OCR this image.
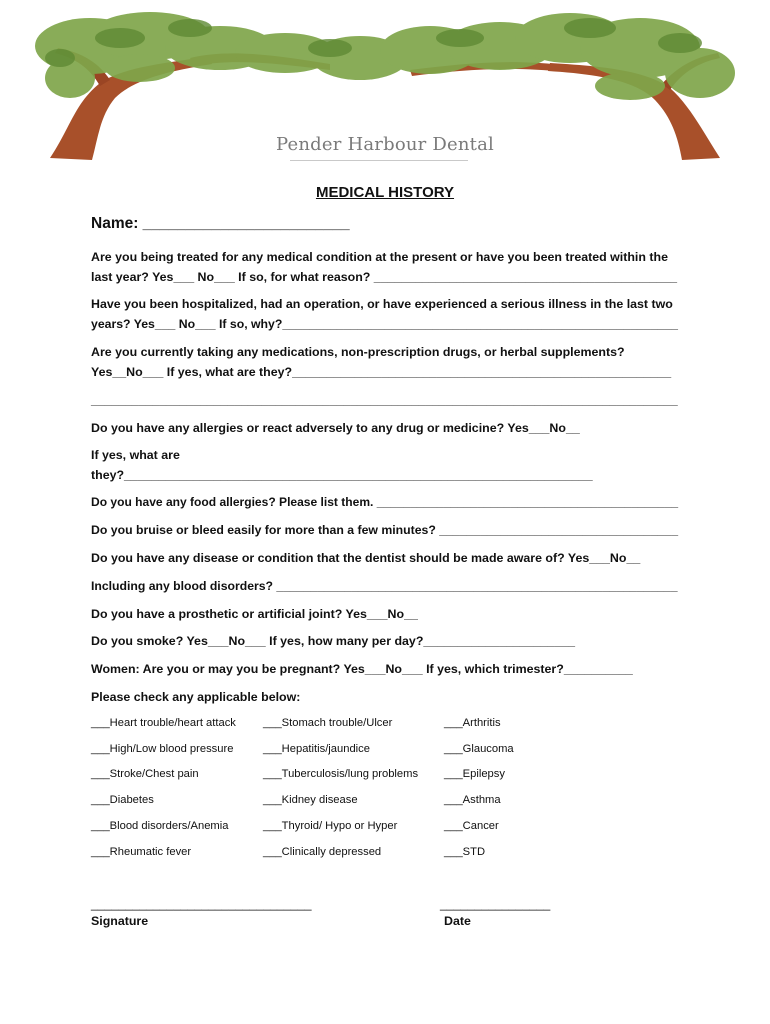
Pender Harbour Dental
MEDICAL HISTORY
Name: ________________________
Are you being treated for any medical condition at the present or have you been treated within the
last year? Yes___ No___ If so, for what reason? ____________________________________________
Have you been hospitalized, had an operation, or have experienced a serious illness in the last two
years? Yes___ No___ If so, why?__________________________________________________________
Are you currently taking any medications, non-prescription drugs, or herbal supplements?
Yes__No___ If yes, what are they?_______________________________________________________
______________________________________________________________________________________
Do you have any allergies or react adversely to any drug or medicine? Yes___No__
If yes, what are
they?____________________________________________________________________
Do you have any food allergies? Please list them. _____________________________________________
Do you bruise or bleed easily for more than a few minutes? ___________________________________
Do you have any disease or condition that the dentist should be made aware of? Yes___No__
Including any blood disorders? ___________________________________________________________
Do you have a prosthetic or artificial joint? Yes___No__
Do you smoke? Yes___No___ If yes, how many per day?______________________
Women: Are you or may you be pregnant? Yes___No___ If yes, which trimester?__________
Please check any applicable below:
___Heart trouble/heart attack ___Stomach trouble/Ulcer	___Arthritis
___High/Low blood pressure	___Hepatitis/jaundice	___Glaucoma
___Stroke/Chest pain	___Tuberculosis/lung problems ___Epilepsy
___Diabetes	___Kidney disease	___Asthma
___Blood disorders/Anemia	___Thyroid/ Hypo or Hyper	___Cancer
___Rheumatic fever	___Clinically depressed	___STD
________________________________
Signature
________________
Date
